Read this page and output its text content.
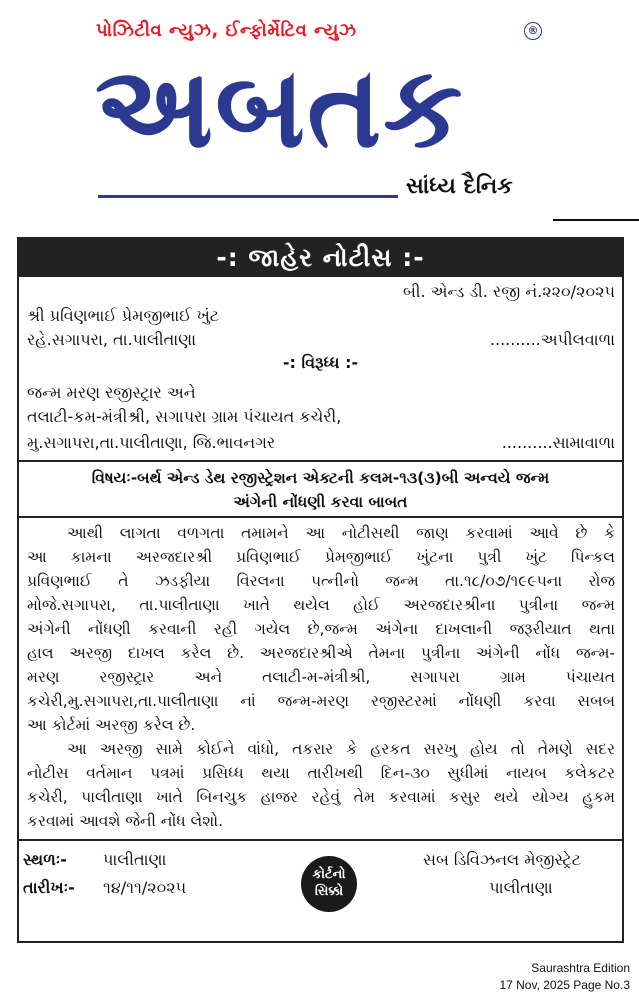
પોઝિટીવ ન્યુઝ, ઈન્ફોર્મેટિવ ન્યુઝ	®
અબતક
સાંધ્ય દૈનિક
-: જાહેર નોટીસ :-
બી. એન્ડ ડી. રજી નં.૨૨૦/૨૦૨૫
શ્રી પ્રવિણભાઈ પ્રેમજીભાઈ ખુંટ
રહે.સગાપરા, તા.પાલીતાણા	..........અપીલવાળા
-: વિરૂધ્ધ :-
જન્મ મરણ રજીસ્ટ્રાર અને
તલાટી-કમ-મંત્રીશ્રી, સગાપરા ગ્રામ પંચાયત કચેરી,
મુ.સગાપરા,તા.પાલીતાણા, જિ.ભાવનગર	..........સામાવાળા
વિષયઃ-બર્થ એન્ડ ડેથ રજીસ્ટ્રેશન એક્ટની કલમ-૧૩(૩)બી અન્વયે જન્મ
અંગેની નોંધણી કરવા બાબત
આથી લાગતા વળગતા તમામને આ નોટીસથી જાણ કરવામાં આવે છે કે
આ કામના અરજદારશ્રી પ્રવિણભાઈ પ્રેમજીભાઈ ખુંટના પુત્રી ખુંટ પિન્કલ
પ્રવિણભાઈ તે ઝડફીયા વિરલના પત્નીનો જન્મ તા.૧૮/૦૭/૧૯૯૫ના રોજ
મોજે.સગાપરા, તા.પાલીતાણા ખાતે થયેલ હોઈ અરજદારશ્રીના પુત્રીના જન્મ
અંગેની નોંધણી કરવાની રહી ગયેલ છે,જન્મ અંગેના દાખલાની જરૂરીયાત થતા
હાલ અરજી દાખલ કરેલ છે. અરજદારશ્રીએ તેમના પુત્રીના અંગેની નોંધ જન્મ-
મરણ રજીસ્ટ્રાર અને તલાટી-મ-મંત્રીશ્રી, સગાપરા ગ્રામ પંચાયત
કચેરી,મુ.સગાપરા,તા.પાલીતાણા નાં જન્મ-મરણ રજીસ્ટરમાં નોંધણી કરવા સબબ
આ કોર્ટમાં અરજી કરેલ છે.
આ અરજી સામે કોઈને વાંધો, તકરાર કે હરકત સરખુ હોય તો તેમણે સદર
નોટીસ વર્તમાન પત્રમાં પ્રસિધ્ધ થયા તારીખથી દિન-૩૦ સુધીમાં નાયબ કલેકટર
કચેરી, પાલીતાણા ખાતે બિનચુક હાજર રહેવું તેમ કરવામાં કસુર થયે યોગ્ય હુકમ
કરવામાં આવશે જેની નોંધ લેશો.
સ્થળઃ-	પાલીતાણા
તારીખઃ-	૧૪/૧૧/૨૦૨૫
કોર્ટનો
સિક્કો
સબ ડિવિઝનલ મેજીસ્ટ્રેટ
પાલીતાણા
Saurashtra Edition
17 Nov, 2025 Page No.3
